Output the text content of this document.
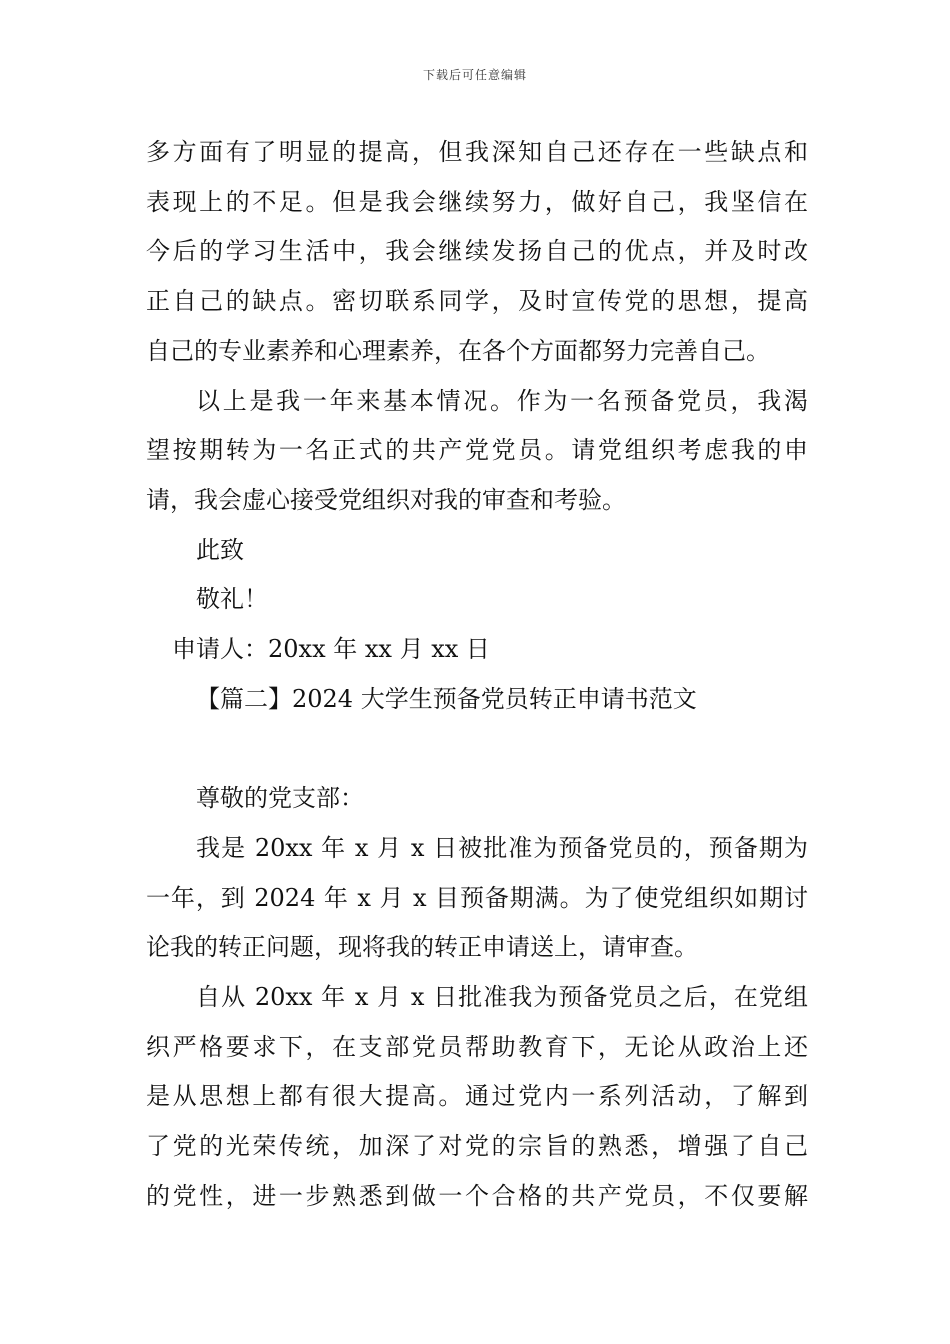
下载后可任意编辑
多方面有了明显的提高，但我深知自己还存在一些缺点和
表现上的不足。但是我会继续努力，做好自己，我坚信在
今后的学习生活中，我会继续发扬自己的优点，并及时改
正自己的缺点。密切联系同学，及时宣传党的思想，提高
自己的专业素养和心理素养，在各个方面都努力完善自己。
以上是我一年来基本情况。作为一名预备党员，我渴
望按期转为一名正式的共产党党员。请党组织考虑我的申
请，我会虚心接受党组织对我的审查和考验。
此致
敬礼！
申请人：20xx 年 xx 月 xx 日
【篇二】2024 大学生预备党员转正申请书范文
尊敬的党支部：
我是 20xx 年 x 月 x 日被批准为预备党员的，预备期为
一年，到 2024 年 x 月 x 目预备期满。为了使党组织如期讨
论我的转正问题，现将我的转正申请送上，请审查。
自从 20xx 年 x 月 x 日批准我为预备党员之后，在党组
织严格要求下，在支部党员帮助教育下，无论从政治上还
是从思想上都有很大提高。通过党内一系列活动，了解到
了党的光荣传统，加深了对党的宗旨的熟悉，增强了自己
的党性，进一步熟悉到做一个合格的共产党员，不仅要解
